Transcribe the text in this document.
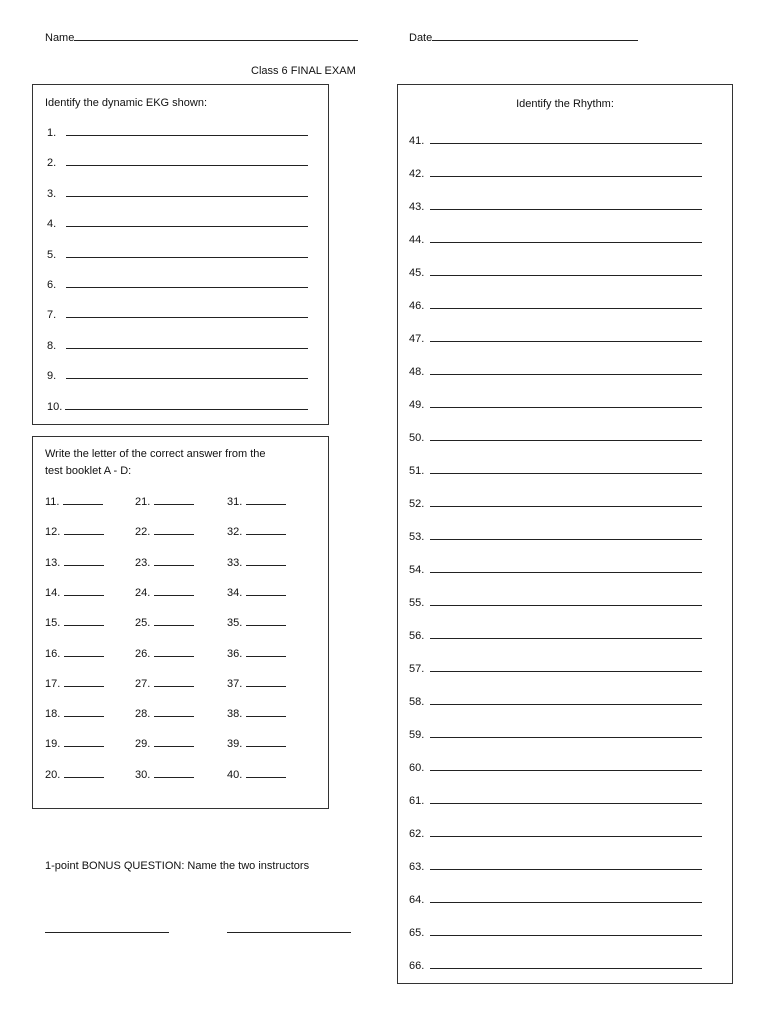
Name	Date
Class 6 FINAL EXAM
Identify the dynamic EKG shown:
1.
2.
3.
4.
5.
6.
7.
8.
9.
10.
Write the letter of the correct answer from the
test booklet A - D:
11.
12.
13.
14.
15.
16.
17.
18.
19.
20.
21.
22.
23.
24.
25.
26.
27.
28.
29.
30.
31.
32.
33.
34.
35.
36.
37.
38.
39.
40.
1-point BONUS QUESTION: Name the two instructors
Identify the Rhythm:
41.
42.
43.
44.
45.
46.
47.
48.
49.
50.
51.
52.
53.
54.
55.
56.
57.
58.
59.
60.
61.
62.
63.
64.
65.
66.
